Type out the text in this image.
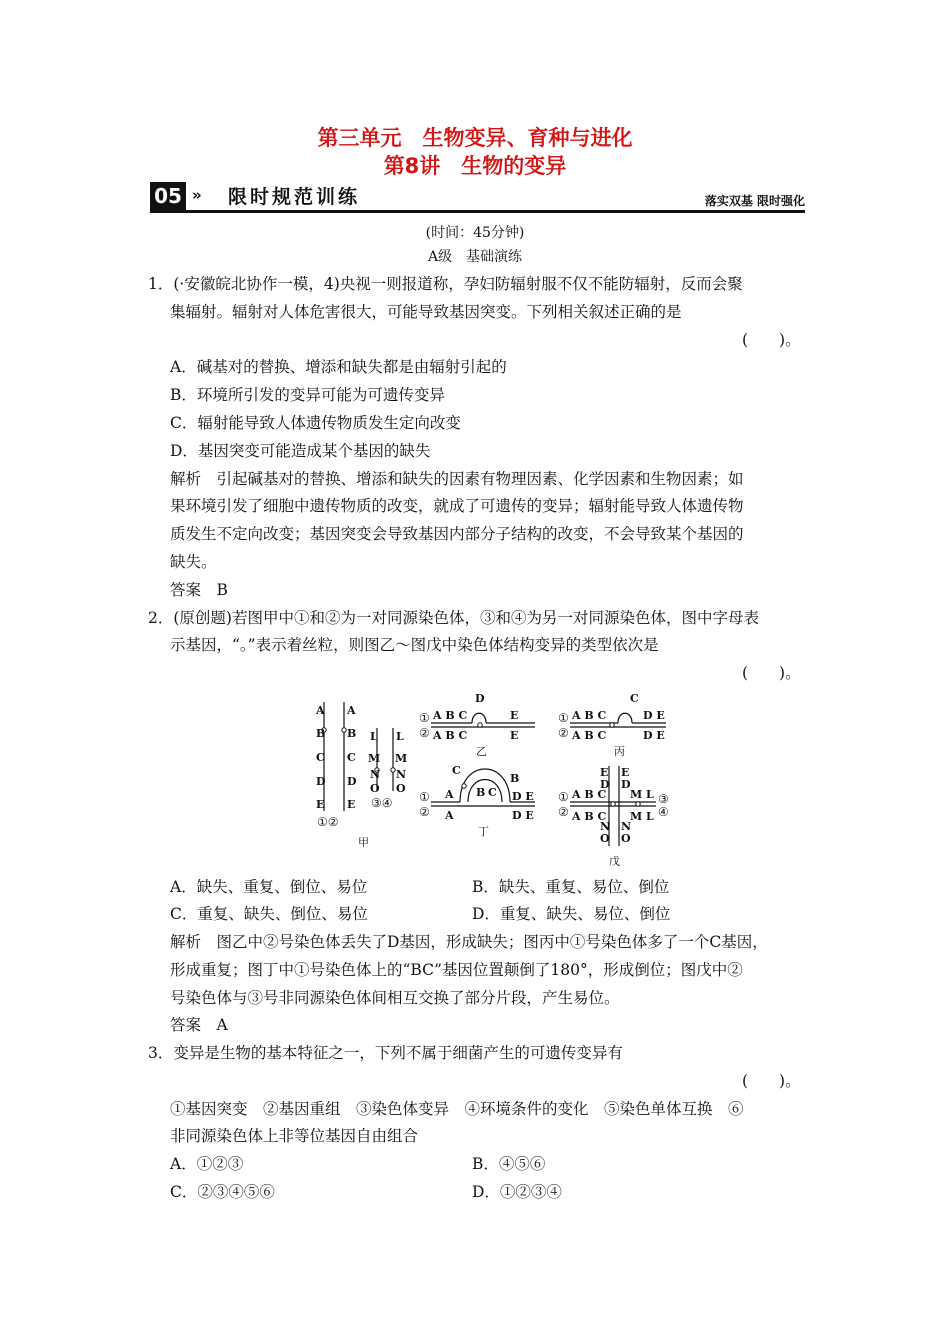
第三单元　生物变异、育种与进化
第8讲　生物的变异
05 » 限时规范训练	落实双基 限时强化
(时间：45分钟)
A级　基础演练
1．(·安徽皖北协作一模，4)央视一则报道称，孕妇防辐射服不仅不能防辐射，反而会聚
集辐射。辐射对人体危害很大，可能导致基因突变。下列相关叙述正确的是
(　　)。
A．碱基对的替换、增添和缺失都是由辐射引起的
B．环境所引发的变异可能为可遗传变异
C．辐射能导致人体遗传物质发生定向改变
D．基因突变可能造成某个基因的缺失
解析　引起碱基对的替换、增添和缺失的因素有物理因素、化学因素和生物因素；如
果环境引发了细胞中遗传物质的改变，就成了可遗传的变异；辐射能导致人体遗传物
质发生不定向改变；基因突变会导致基因内部分子结构的改变，不会导致某个基因的
缺失。
答案　B
2．(原创题)若图甲中①和②为一对同源染色体，③和④为另一对同源染色体，图中字母表
示基因，“。”表示着丝粒，则图乙～图戊中染色体结构变异的类型依次是
(　　)。
A
B
C
D
E
A
B
C
D
E
①②
L
M
N
O
L
M
N
O
③④
甲
①
②
A B C
D
E
A B C	E
乙
①
②
A B C
C
D E
A B C	D E
丙
①
②
A
C
B
B C D E
A	D E
丁
①
②
E
D
E
D
A B C M L
A B C M L
N
O
N
O
③
④
戊
A．缺失、重复、倒位、易位	B．缺失、重复、易位、倒位
C．重复、缺失、倒位、易位	D．重复、缺失、易位、倒位
解析　图乙中②号染色体丢失了D基因，形成缺失；图丙中①号染色体多了一个C基因，
形成重复；图丁中①号染色体上的“BC”基因位置颠倒了180°，形成倒位；图戊中②
号染色体与③号非同源染色体间相互交换了部分片段，产生易位。
答案　A
3．变异是生物的基本特征之一，下列不属于细菌产生的可遗传变异有
(　　)。
①基因突变　②基因重组　③染色体变异　④环境条件的变化　⑤染色单体互换　⑥
非同源染色体上非等位基因自由组合
A．①②③	B．④⑤⑥
C．②③④⑤⑥	D．①②③④
